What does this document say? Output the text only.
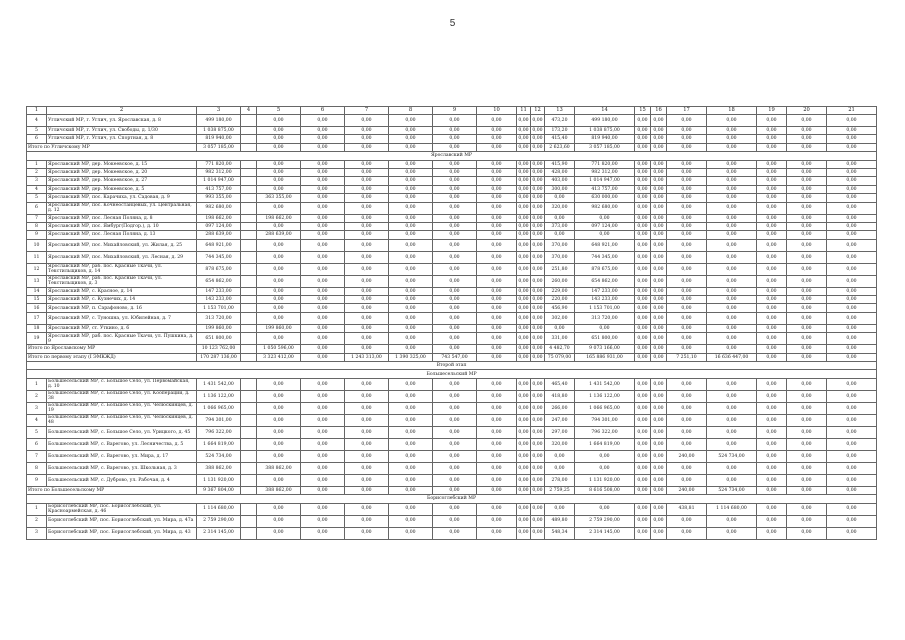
5
1	2	3	4	5	6	7	8	9	10	11	12	13	14	15	16	17	18	19	20	21
4	Угличский МР, г. Углич, ул. Ярославская, д. 8	499 180,00		0,00	0,00	0,00	0,00	0,00	0,00	0,00	0,00	473,20	499 180,00	0,00	0,00	0,00	0,00	0,00	0,00	0,00
5	Угличский МР, г. Углич, ул. Свободы, д. 1/30	1 038 875,00		0,00	0,00	0,00	0,00	0,00	0,00	0,00	0,00	173,20	1 038 875,00	0,00	0,00	0,00	0,00	0,00	0,00	0,00
6	Угличский МР, г. Углич, ул. Спортная, д. 8	819 940,00		0,00	0,00	0,00	0,00	0,00	0,00	0,00	0,00	415,40	819 940,00	0,00	0,00	0,00	0,00	0,00	0,00	0,00
Итого по Угличскому МР		3 057 185,00		0,00	0,00	0,00	0,00	0,00	0,00	0,00	0,00	2 623,60	3 057 185,00	0,00	0,00	0,00	0,00	0,00	0,00	0,00
Ярославский МР																				
1	Ярославский МР, дер. Мокеевское, д. 15	771 820,00		0,00	0,00	0,00	0,00	0,00	0,00	0,00	0,00	415,90	771 820,00	0,00	0,00	0,00	0,00	0,00	0,00	0,00
2	Ярославский МР, дер. Мокеевское, д. 20	982 312,00		0,00	0,00	0,00	0,00	0,00	0,00	0,00	0,00	428,00	982 312,00	0,00	0,00	0,00	0,00	0,00	0,00	0,00
3	Ярославский МР, дер. Мокеевское, д. 27	1 014 947,00		0,00	0,00	0,00	0,00	0,00	0,00	0,00	0,00	403,00	1 014 947,00	0,00	0,00	0,00	0,00	0,00	0,00	0,00
4	Ярославский МР, дер. Мокеевское, д. 5	413 757,00		0,00	0,00	0,00	0,00	0,00	0,00	0,00	0,00	300,00	413 757,00	0,00	0,00	0,00	0,00	0,00	0,00	0,00
5	Ярославский МР, пос. Карачиха, ул. Садовая, д. 9	993 355,00		363 355,00	0,00	0,00	0,00	0,00	0,00	0,00	0,00	0,00	630 000,00	0,00	0,00	0,00	0,00	0,00	0,00	0,00
6	Ярославский МР, пос. Кочнеостанцевых, ул. Центральная, д. 12	982 680,00		0,00	0,00	0,00	0,00	0,00	0,00	0,00	0,00	320,00	982 680,00	0,00	0,00	0,00	0,00	0,00	0,00	0,00
7	Ярославский МР, пос. Лесная Поляна, д. 8	198 662,00		198 662,00	0,00	0,00	0,00	0,00	0,00	0,00	0,00	0,00	0,00	0,00	0,00	0,00	0,00	0,00	0,00	0,00
8	Ярославский МР, пос. Ямбург(Подгор.), д. 10	097 124,00		0,00	0,00	0,00	0,00	0,00	0,00	0,00	0,00	373,00	097 124,00	0,00	0,00	0,00	0,00	0,00	0,00	0,00
9	Ярославский МР, пос. Лесная Поляна, д. 13	288 639,00		288 639,00	0,00	0,00	0,00	0,00	0,00	0,00	0,00	0,00	0,00	0,00	0,00	0,00	0,00	0,00	0,00	0,00
10	Ярославский МР, пос. Михайловский, ул. Жилая, д. 25	648 921,00		0,00	0,00	0,00	0,00	0,00	0,00	0,00	0,00	370,00	648 921,00	0,00	0,00	0,00	0,00	0,00	0,00	0,00
11	Ярославский МР, пос. Михайловский, ул. Лесная, д. 29	744 345,00		0,00	0,00	0,00	0,00	0,00	0,00	0,00	0,00	370,00	744 345,00	0,00	0,00	0,00	0,00	0,00	0,00	0,00
12	Ярославский МР, раб. пос. Красные Ткачи, ул. Текстильщиков, д. 14	878 675,00		0,00	0,00	0,00	0,00	0,00	0,00	0,00	0,00	251,80	878 675,00	0,00	0,00	0,00	0,00	0,00	0,00	0,00
13	Ярославский МР, раб. пос. Красные Ткачи, ул. Текстильщиков, д. 3	654 862,00		0,00	0,00	0,00	0,00	0,00	0,00	0,00	0,00	260,00	654 862,00	0,00	0,00	0,00	0,00	0,00	0,00	0,00
14	Ярославский МР, с. Красное, д. 14	147 233,00		0,00	0,00	0,00	0,00	0,00	0,00	0,00	0,00	229,00	147 233,00	0,00	0,00	0,00	0,00	0,00	0,00	0,00
15	Ярославский МР, с. Кузнечих, д. 14	143 233,00		0,00	0,00	0,00	0,00	0,00	0,00	0,00	0,00	220,00	143 233,00	0,00	0,00	0,00	0,00	0,00	0,00	0,00
16	Ярославский МР, п. Сарафоново, д. 16	1 153 701,00		0,00	0,00	0,00	0,00	0,00	0,00	0,00	0,00	456,90	1 153 701,00	0,00	0,00	0,00	0,00	0,00	0,00	0,00
17	Ярославский МР, с. Туношна, ул. Юбилейная, д. 7	313 720,00		0,00	0,00	0,00	0,00	0,00	0,00	0,00	0,00	302,00	313 720,00	0,00	0,00	0,00	0,00	0,00	0,00	0,00
18	Ярославский МР, ст. Уткино, д. 6	199 860,00		199 860,00	0,00	0,00	0,00	0,00	0,00	0,00	0,00	0,00	0,00	0,00	0,00	0,00	0,00	0,00	0,00	0,00
19	Ярославский МР, раб. пос. Красные Ткачи, ул. Пушкина, д. 9	651 800,00		0,00	0,00	0,00	0,00	0,00	0,00	0,00	0,00	331,00	651 800,00	0,00	0,00	0,00	0,00	0,00	0,00	0,00
Итого по Ярославскому МР		10 123 762,00		1 050 596,00	0,00	0,00	0,00	0,00	0,00	0,00	0,00	4 482,70	9 073 166,00	0,00	0,00	0,00	0,00	0,00	0,00	0,00
Итого по первому этапу (I ЭМКЖД)		170 287 136,00		3 323 412,00	0,00	1 243 313,00	1 390 325,00	743 547,00	0,00	0,00	0,00	75 079,00	165 886 931,00	0,00	0,00	7 251,10	16 636 447,00	0,00	0,00	0,00
Второй этап																				
Большесельский МР																				
1	Большесельский МР, с. Большое Село, ул. Первомайская, д. 10	1 431 542,00		0,00	0,00	0,00	0,00	0,00	0,00	0,00	0,00	465,40	1 431 542,00	0,00	0,00	0,00	0,00	0,00	0,00	0,00
2	Большесельский МР, с. Большое Село, ул. Кооперации, д. 38	1 136 122,00		0,00	0,00	0,00	0,00	0,00	0,00	0,00	0,00	418,80	1 136 122,00	0,00	0,00	0,00	0,00	0,00	0,00	0,00
3	Большесельский МР, с. Большое Село, ул. Челюскинцев, д. 19	1 066 965,00		0,00	0,00	0,00	0,00	0,00	0,00	0,00	0,00	266,00	1 066 965,00	0,00	0,00	0,00	0,00	0,00	0,00	0,00
4	Большесельский МР, с. Большое Село, ул. Челюскинцев, д. 48	794 301,00		0,00	0,00	0,00	0,00	0,00	0,00	0,00	0,00	247,00	794 301,00	0,00	0,00	0,00	0,00	0,00	0,00	0,00
5	Большесельский МР, с. Большое Село, ул. Урицкого, д. 45	796 322,00		0,00	0,00	0,00	0,00	0,00	0,00	0,00	0,00	297,00	796 322,00	0,00	0,00	0,00	0,00	0,00	0,00	0,00
6	Большесельский МР, с. Варегово, ул. Лесничества, д. 5	1 664 819,00		0,00	0,00	0,00	0,00	0,00	0,00	0,00	0,00	320,00	1 664 819,00	0,00	0,00	0,00	0,00	0,00	0,00	0,00
7	Большесельский МР, с. Варегово, ул. Мира, д. 17	524 734,00		0,00	0,00	0,00	0,00	0,00	0,00	0,00	0,00	0,00	0,00	0,00	0,00	240,00	524 734,00	0,00	0,00	0,00
8	Большесельский МР, с. Варегово, ул. Школьная, д. 3	388 862,00		388 862,00	0,00	0,00	0,00	0,00	0,00	0,00	0,00	0,00	0,00	0,00	0,00	0,00	0,00	0,00	0,00	0,00
9	Большесельский МР, с. Дуброво, ул. Рабочая, д. 4	1 131 920,00		0,00	0,00	0,00	0,00	0,00	0,00	0,00	0,00	278,00	1 131 920,00	0,00	0,00	0,00	0,00	0,00	0,00	0,00
Итого по Большесельскому МР		9 367 804,00		388 862,00	0,00	0,00	0,00	0,00	0,00	0,00	0,00	2 759,25	8 616 508,00	0,00	0,00	240,00	524 734,00	0,00	0,00	0,00
Борисоглебский МР																				
1	Борисоглебский МР, пос. Борисоглебский, ул. Красноармейская, д. 46	1 114 680,00		0,00	0,00	0,00	0,00	0,00	0,00	0,00	0,00	0,00	0,00	0,00	0,00	438,81	1 114 680,00	0,00	0,00	0,00
2	Борисоглебский МР, пос. Борисоглебский, ул. Мира, д. 47а	2 759 290,00		0,00	0,00	0,00	0,00	0,00	0,00	0,00	0,00	489,80	2 759 290,00	0,00	0,00	0,00	0,00	0,00	0,00	0,00
3	Борисоглебский МР, пос. Борисоглебский, ул. Мира, д. 43	2 314 145,00		0,00	0,00	0,00	0,00	0,00	0,00	0,00	0,00	548,34	2 314 145,00	0,00	0,00	0,00	0,00	0,00	0,00	0,00
